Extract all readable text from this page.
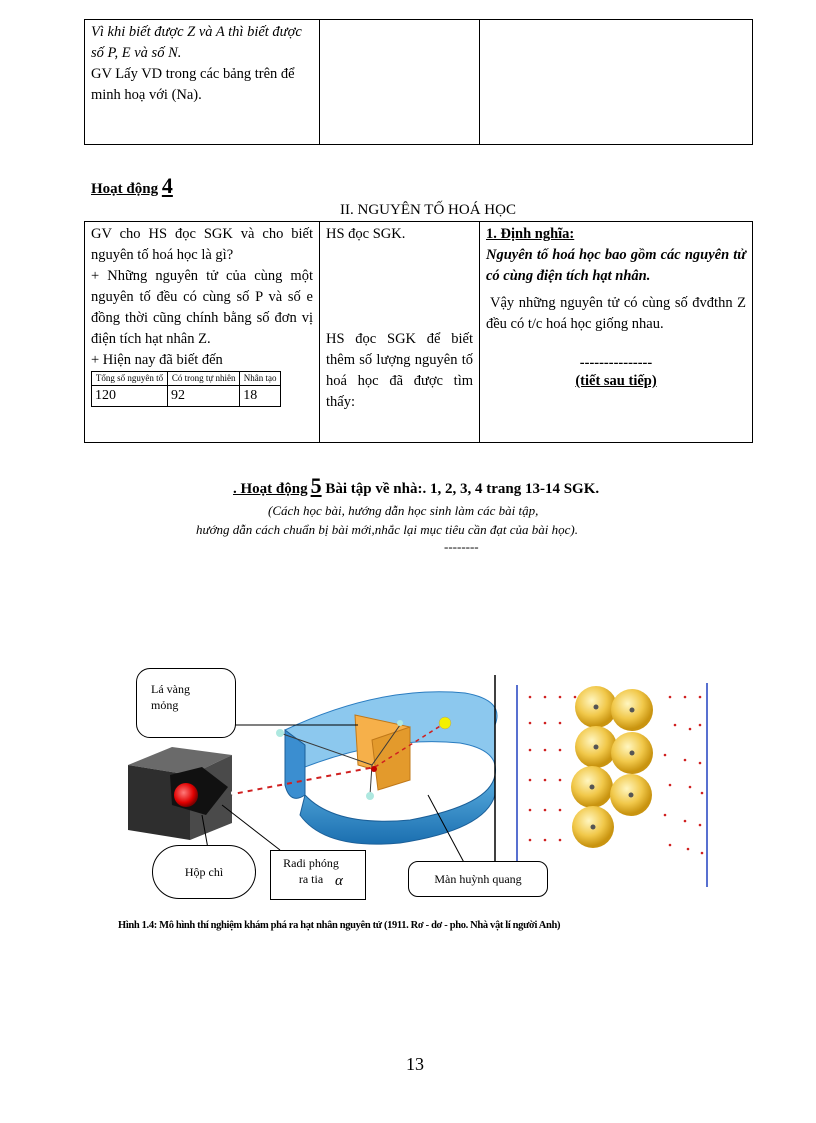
Vì khi biết được Z và A thì biết được số P, E và số N.
GV Lấy VD trong các bảng trên để minh hoạ với (Na).

Hoạt động 4
II. NGUYÊN TỐ HOÁ HỌC
GV cho HS đọc SGK và cho biết nguyên tố hoá học là gì?
+ Những nguyên tử của cùng một nguyên tố đều có cùng số P và số e đồng thời cũng chính bằng số đơn vị điện tích hạt nhân Z.
+ Hiện nay đã biết đến
Tổng số nguyên tố	Có trong tự nhiên	Nhân tạo
120	92	18

HS đọc SGK.
HS đọc SGK để biết thêm số lượng nguyên tố hoá học đã được tìm thấy:

1. Định nghĩa:
Nguyên tố hoá học bao gồm các nguyên tử có cùng điện tích hạt nhân.
Vậy những nguyên tử có cùng số đvđthn Z đều có t/c hoá học giống nhau.
---------------
(tiết sau tiếp)
. Hoạt động 5 Bài tập về nhà:. 1, 2, 3, 4 trang 13-14 SGK.
(Cách học bài, hướng dẫn học sinh làm các bài tập,
hướng dẫn cách chuẩn bị bài mới,nhắc lại mục tiêu cần đạt của bài học).
--------
Lá vàng mỏng
Hộp chì
Radi phóng ra tia α	Màn huỳnh quang
Hình 1.4: Mô hình thí nghiệm khám phá ra hạt nhân nguyên tử (1911. Rơ - dơ - pho. Nhà vật lí người Anh)
13
